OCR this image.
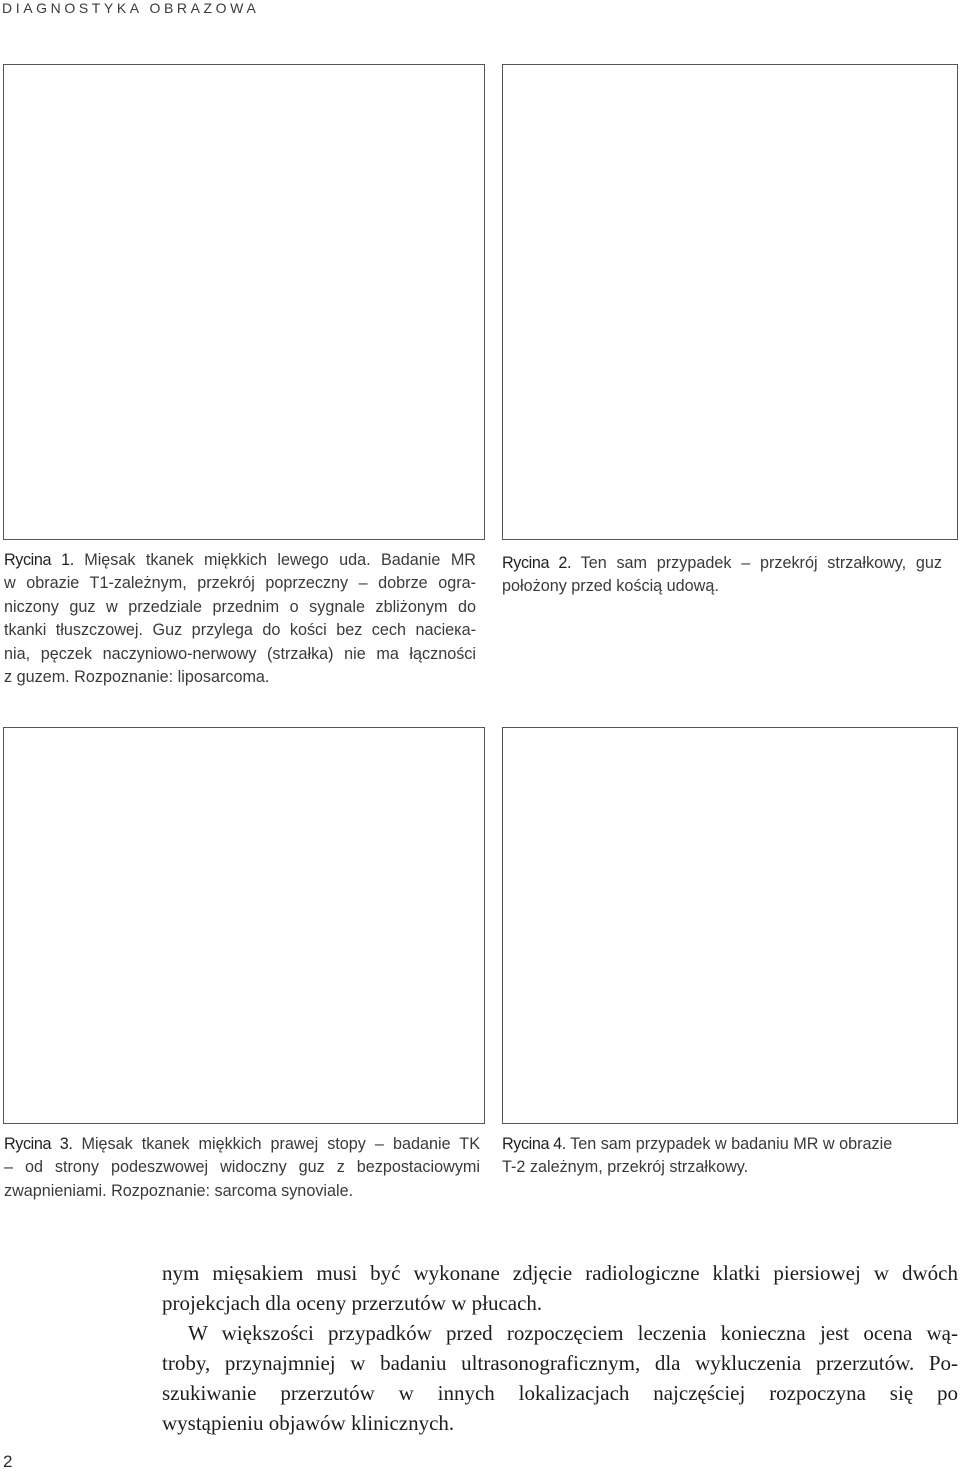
DIAGNOSTYKA OBRAZOWA
Rycina 1. Mięsak tkanek miękkich lewego uda. Badanie MR
w obrazie T1-zależnym, przekrój poprzeczny – dobrze ogra-
niczony guz w przedziale przednim o sygnale zbliżonym do
tkanki tłuszczowej. Guz przylega do kości bez cech naciека-
nia, pęczek naczyniowo-nerwowy (strzałka) nie ma łączności
z guzem. Rozpoznanie: liposarcoma.
Rycina 2. Ten sam przypadek – przekrój strzałkowy, guz
położony przed kością udową.
Rycina 3. Mięsak tkanek miękkich prawej stopy – badanie TK
– od strony podeszwowej widoczny guz z bezpostaciowymi
zwapnieniami. Rozpoznanie: sarcoma synoviale.
Rycina 4. Ten sam przypadek w badaniu MR w obrazie
T-2 zależnym, przekrój strzałkowy.
nym mięsakiem musi być wykonane zdjęcie radiologiczne klatki piersiowej w dwóch
projekcjach dla oceny przerzutów w płucach.
W większości przypadków przed rozpoczęciem leczenia konieczna jest ocena wą-
troby, przynajmniej w badaniu ultrasonograficznym, dla wykluczenia przerzutów. Po-
szukiwanie przerzutów w innych lokalizacjach najczęściej rozpoczyna się po
wystąpieniu objawów klinicznych.
2
